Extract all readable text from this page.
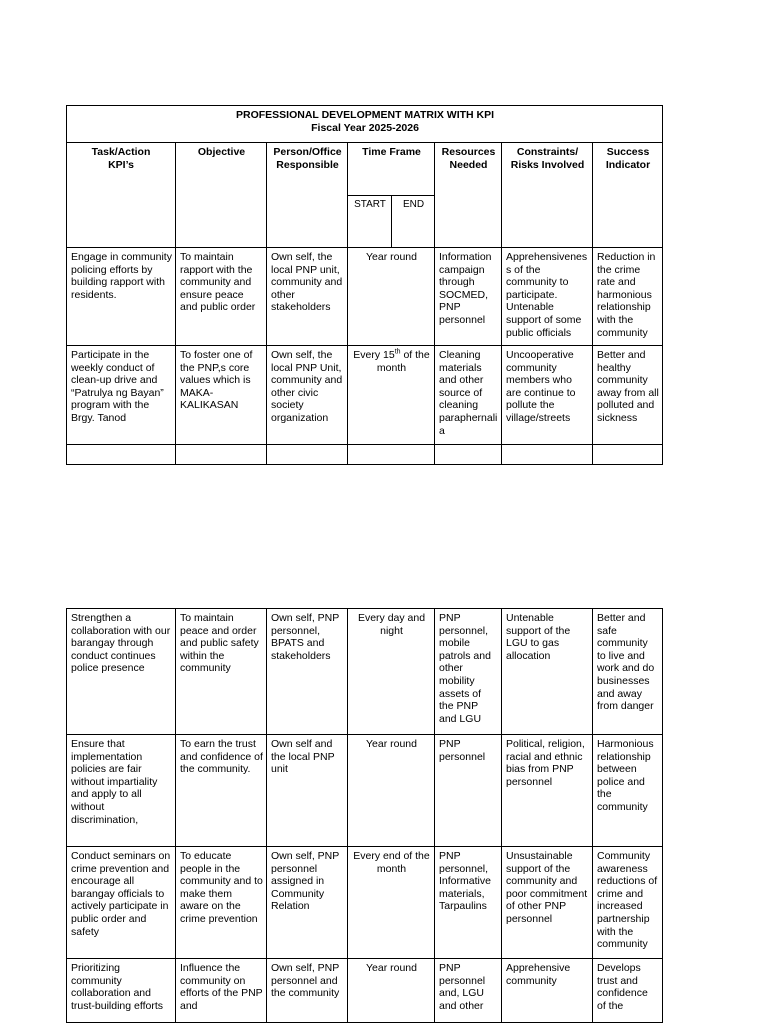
PROFESSIONAL DEVELOPMENT MATRIX WITH KPI
Fiscal Year 2025-2026							

Task/Action KPI’s	Objective	Person/Office Responsible	Time Frame		Resources Needed	Constraints/ Risks Involved	Success Indicator
			START	END			
Engage in community policing efforts by building rapport with residents.	To maintain rapport with the community and ensure peace and public order	Own self, the local PNP unit, community and other stakeholders	Year round		Information campaign through SOCMED, PNP personnel	Apprehensiveness of the community to participate. Untenable support of some public officials	Reduction in the crime rate and harmonious relationship with the community
Participate in the weekly conduct of clean-up drive and “Patrulya ng Bayan” program with the Brgy. Tanod	To foster one of the PNP,s core values which is MAKA-KALIKASAN	Own self, the local PNP Unit, community and other civic society organization	Every 15th of the month		Cleaning materials and other source of cleaning paraphernalia	Uncooperative community members who are continue to pollute the village/streets	Better and healthy community away from all polluted and sickness

Strengthen a collaboration with our barangay through conduct continues police presence	To maintain peace and order and public safety within the community	Own self, PNP personnel, BPATS and stakeholders	Every day and night	PNP personnel, mobile patrols and other mobility assets of the PNP and LGU	Untenable support of the LGU to gas allocation	Better and safe community to live and work and do businesses and away from danger
Ensure that implementation policies are fair without impartiality and apply to all without discrimination,	To earn the trust and confidence of the community.	Own self and the local PNP unit	Year round	PNP personnel	Political, religion, racial and ethnic bias from PNP personnel	Harmonious relationship between police and the community
Conduct seminars on crime prevention and encourage all barangay officials to actively participate in public order and safety	To educate people in the community and to make them aware on the crime prevention	Own self, PNP personnel assigned in Community Relation	Every end of the month	PNP personnel, Informative materials, Tarpaulins	Unsustainable support of the community and poor commitment of other PNP personnel	Community awareness reductions of crime and increased partnership with the community
Prioritizing community collaboration and trust-building efforts	Influence the community on efforts of the PNP and	Own self, PNP personnel and the community	Year round	PNP personnel and, LGU and other	Apprehensive community	Develops trust and confidence of the
